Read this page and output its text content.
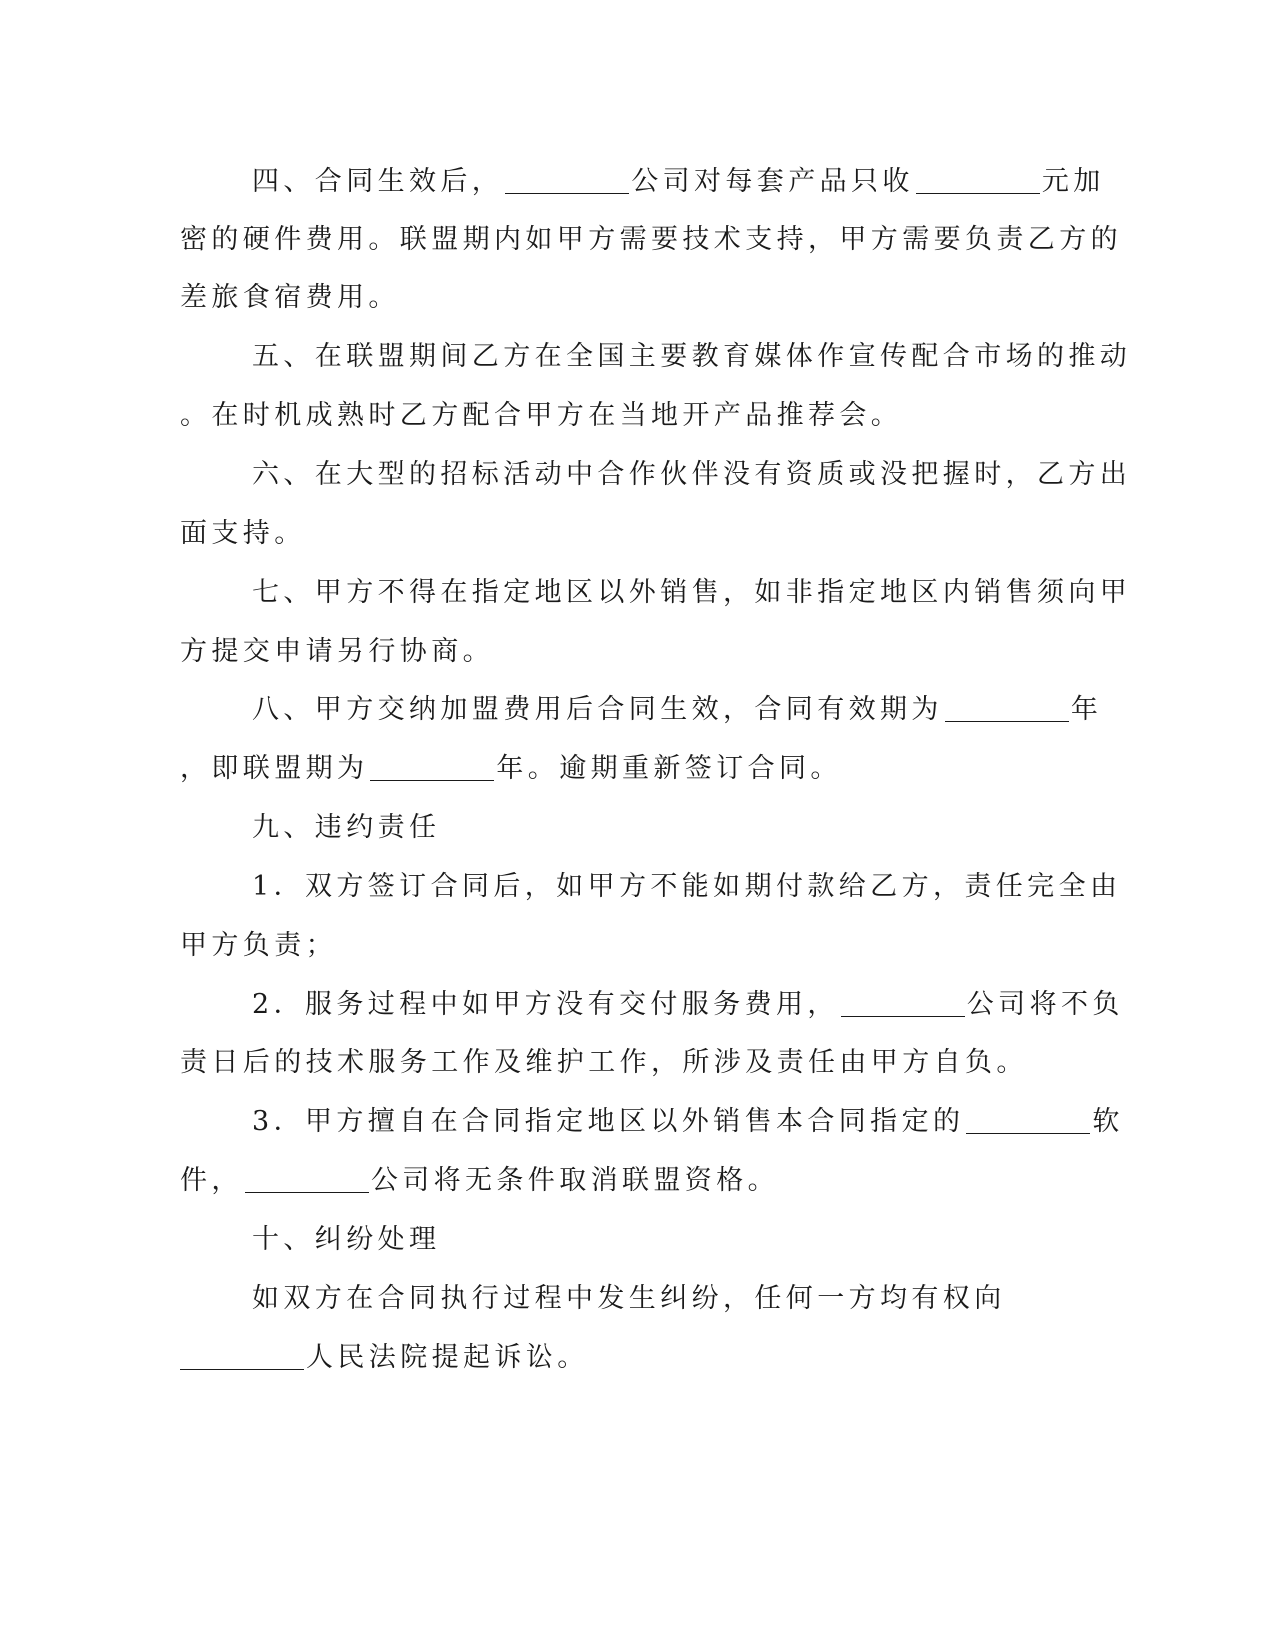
四、合同生效后，	公司对每套产品只收	元加
密的硬件费用。联盟期内如甲方需要技术支持，甲方需要负责乙方的
差旅食宿费用。
五、在联盟期间乙方在全国主要教育媒体作宣传配合市场的推动
。在时机成熟时乙方配合甲方在当地开产品推荐会。
六、在大型的招标活动中合作伙伴没有资质或没把握时，乙方出
面支持。
七、甲方不得在指定地区以外销售，如非指定地区内销售须向甲
方提交申请另行协商。
八、甲方交纳加盟费用后合同生效，合同有效期为	年
，即联盟期为	年。逾期重新签订合同。
九、违约责任
1．双方签订合同后，如甲方不能如期付款给乙方，责任完全由
甲方负责；
2．服务过程中如甲方没有交付服务费用，	公司将不负
责日后的技术服务工作及维护工作，所涉及责任由甲方自负。
3．甲方擅自在合同指定地区以外销售本合同指定的	软
件，	公司将无条件取消联盟资格。
十、纠纷处理
如双方在合同执行过程中发生纠纷，任何一方均有权向
人民法院提起诉讼。
